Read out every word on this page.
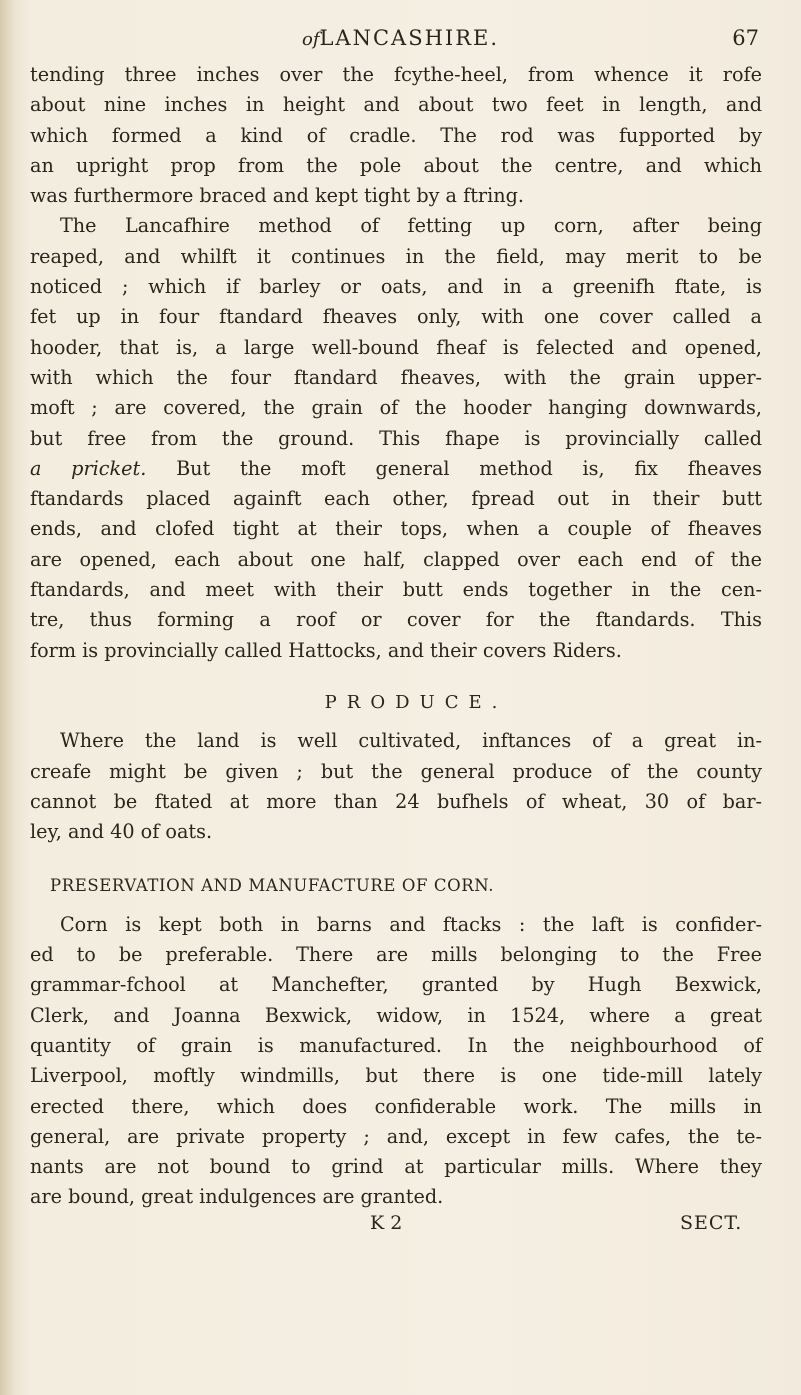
ofLANCASHIRE.	67

tending three inches over the fcythe-heel, from whence it rofe
about nine inches in height and about two feet in length, and
which formed a kind of cradle. The rod was fupported by
an upright prop from the pole about the centre, and which
was furthermore braced and kept tight by a ftring.

The Lancafhire method of fetting up corn, after being
reaped, and whilft it continues in the field, may merit to be
noticed ; which if barley or oats, and in a greenifh ftate, is
fet up in four ftandard fheaves only, with one cover called a
hooder, that is, a large well-bound fheaf is felected and opened,
with which the four ftandard fheaves, with the grain upper-
moft ; are covered, the grain of the hooder hanging downwards,
but free from the ground. This fhape is provincially called
a pricket. But the moft general method is, fix fheaves
ftandards placed againft each other, fpread out in their butt
ends, and clofed tight at their tops, when a couple of fheaves
are opened, each about one half, clapped over each end of the
ftandards, and meet with their butt ends together in the cen-
tre, thus forming a roof or cover for the ftandards. This
form is provincially called Hattocks, and their covers Riders.

PRODUCE.

Where the land is well cultivated, inftances of a great in-
creafe might be given ; but the general produce of the county
cannot be ftated at more than 24 bufhels of wheat, 30 of bar-
ley, and 40 of oats.

PRESERVATION AND MANUFACTURE OF CORN.

Corn is kept both in barns and ftacks : the laft is confider-
ed to be preferable. There are mills belonging to the Free
grammar-fchool at Manchefter, granted by Hugh Bexwick,
Clerk, and Joanna Bexwick, widow, in 1524, where a great
quantity of grain is manufactured. In the neighbourhood of
Liverpool, moftly windmills, but there is one tide-mill lately
erected there, which does confiderable work. The mills in
general, are private property ; and, except in few cafes, the te-
nants are not bound to grind at particular mills. Where they
are bound, great indulgences are granted.

K 2	SECT.
